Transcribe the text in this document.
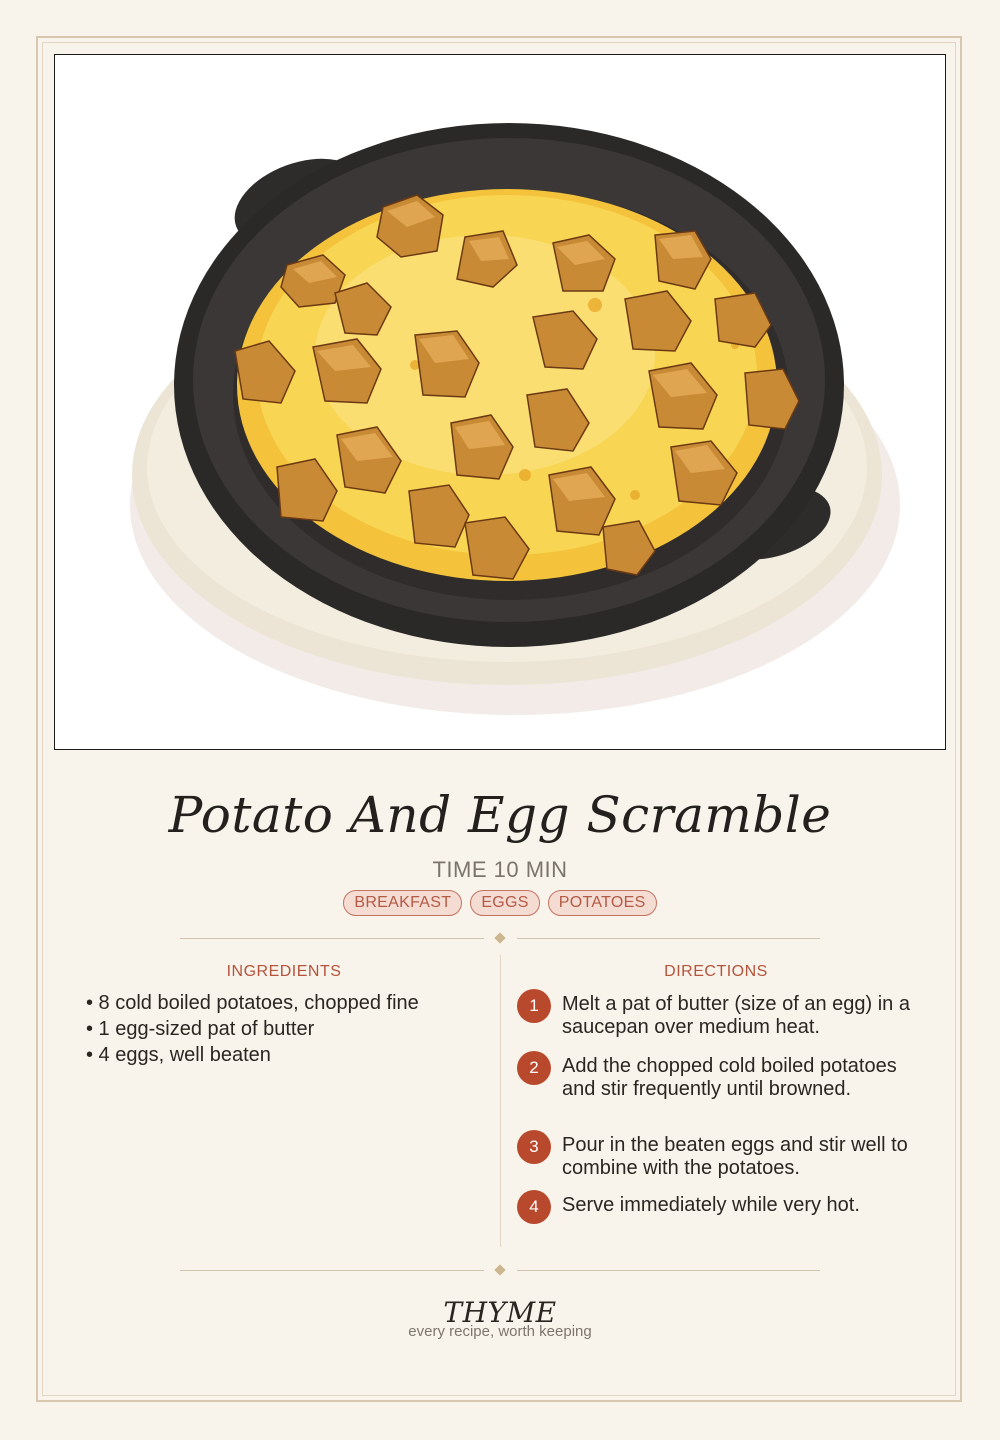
Potato And Egg Scramble
TIME 10 MIN
BREAKFAST	EGGS	POTATOES
INGREDIENTS
• 8 cold boiled potatoes, chopped fine
• 1 egg-sized pat of butter
• 4 eggs, well beaten
DIRECTIONS
1	Melt a pat of butter (size of an egg) in a saucepan over medium heat.
2	Add the chopped cold boiled potatoes and stir frequently until browned.
3	Pour in the beaten eggs and stir well to combine with the potatoes.
4	Serve immediately while very hot.
THYME
every recipe, worth keeping
